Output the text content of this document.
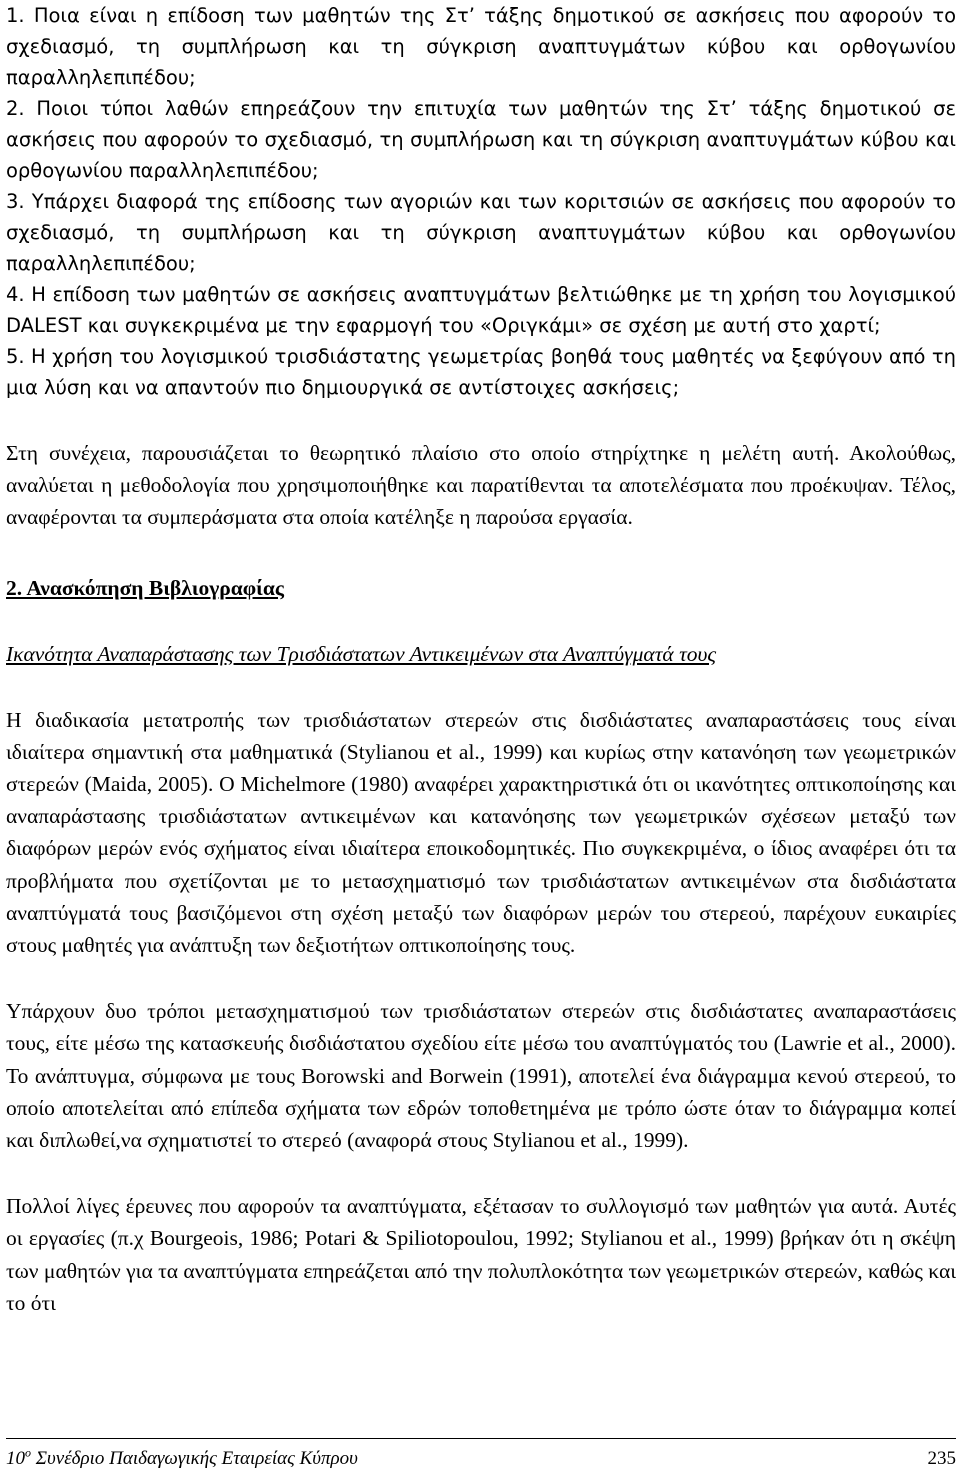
1. Ποια είναι η επίδοση των μαθητών της Στ’ τάξης δημοτικού σε ασκήσεις που αφορούν το σχεδιασμό, τη συμπλήρωση και τη σύγκριση αναπτυγμάτων κύβου και ορθογωνίου παραλληλεπιπέδου;

2. Ποιοι τύποι λαθών επηρεάζουν την επιτυχία των μαθητών της Στ’ τάξης δημοτικού σε ασκήσεις που αφορούν το σχεδιασμό, τη συμπλήρωση και τη σύγκριση αναπτυγμάτων κύβου και ορθογωνίου παραλληλεπιπέδου;

3. Υπάρχει διαφορά της επίδοσης των αγοριών και των κοριτσιών σε ασκήσεις που αφορούν το σχεδιασμό, τη συμπλήρωση και τη σύγκριση αναπτυγμάτων κύβου και ορθογωνίου παραλληλεπιπέδου;

4. Η επίδοση των μαθητών σε ασκήσεις αναπτυγμάτων βελτιώθηκε με τη χρήση του λογισμικού DALEST και συγκεκριμένα με την εφαρμογή του «Οριγκάμι» σε σχέση με αυτή στο χαρτί;

5. Η χρήση του λογισμικού τρισδιάστατης γεωμετρίας βοηθά τους μαθητές να ξεφύγουν από τη μια λύση και να απαντούν πιο δημιουργικά σε αντίστοιχες ασκήσεις;

Στη συνέχεια, παρουσιάζεται το θεωρητικό πλαίσιο στο οποίο στηρίχτηκε η μελέτη αυτή. Ακολούθως, αναλύεται η μεθοδολογία που χρησιμοποιήθηκε και παρατίθενται τα αποτελέσματα που προέκυψαν. Τέλος, αναφέρονται τα συμπεράσματα στα οποία κατέληξε η παρούσα εργασία.

2. Ανασκόπηση Βιβλιογραφίας
Ικανότητα Αναπαράστασης των Τρισδιάστατων Αντικειμένων στα Αναπτύγματά τους

Η διαδικασία μετατροπής των τρισδιάστατων στερεών στις δισδιάστατες αναπαραστάσεις τους είναι ιδιαίτερα σημαντική στα μαθηματικά (Stylianou et al., 1999) και κυρίως στην κατανόηση των γεωμετρικών στερεών (Maida, 2005). Ο Michelmore (1980) αναφέρει χαρακτηριστικά ότι οι ικανότητες οπτικοποίησης και αναπαράστασης τρισδιάστατων αντικειμένων και κατανόησης των γεωμετρικών σχέσεων μεταξύ των διαφόρων μερών ενός σχήματος είναι ιδιαίτερα εποικοδομητικές. Πιο συγκεκριμένα, ο ίδιος αναφέρει ότι τα προβλήματα που σχετίζονται με το μετασχηματισμό των τρισδιάστατων αντικειμένων στα δισδιάστατα αναπτύγματά τους βασιζόμενοι στη σχέση μεταξύ των διαφόρων μερών του στερεού, παρέχουν ευκαιρίες στους μαθητές για ανάπτυξη των δεξιοτήτων οπτικοποίησης τους.

Υπάρχουν δυο τρόποι μετασχηματισμού των τρισδιάστατων στερεών στις δισδιάστατες αναπαραστάσεις τους, είτε μέσω της κατασκευής δισδιάστατου σχεδίου είτε μέσω του αναπτύγματός του (Lawrie et al., 2000). Το ανάπτυγμα, σύμφωνα με τους Borowski and Borwein (1991), αποτελεί ένα διάγραμμα κενού στερεού, το οποίο αποτελείται από επίπεδα σχήματα των εδρών τοποθετημένα με τρόπο ώστε όταν το διάγραμμα κοπεί και διπλωθεί,να σχηματιστεί το στερεό (αναφορά στους Stylianou et al., 1999).

Πολλοί λίγες έρευνες που αφορούν τα αναπτύγματα, εξέτασαν το συλλογισμό των μαθητών για αυτά. Αυτές οι εργασίες (π.χ Bourgeois, 1986; Potari & Spiliotopoulou, 1992; Stylianou et al., 1999) βρήκαν ότι η σκέψη των μαθητών για τα αναπτύγματα επηρεάζεται από την πολυπλοκότητα των γεωμετρικών στερεών, καθώς και το ότι

$10^o$ Συνέδριο Παιδαγωγικής Εταιρείας Κύπρου	235
